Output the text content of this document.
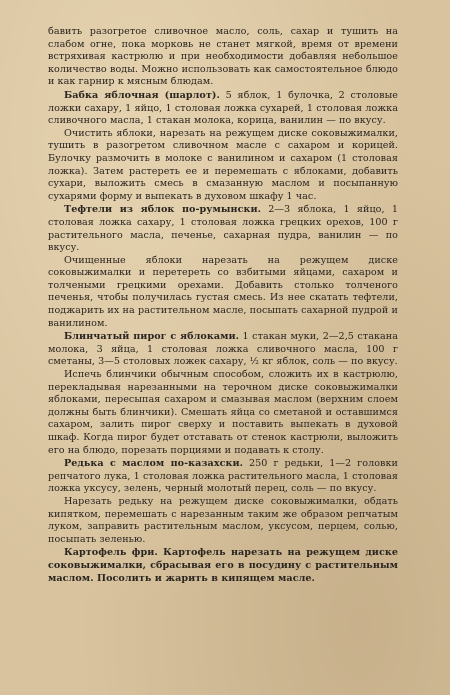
бавить разогретое сливочное масло, соль, сахар и тушить на слабом огне, пока морковь не станет мягкой, время от времени встряхивая кастрюлю и при необходимости добавляя небольшое количество воды. Можно использовать как самостоятельное блюдо и как гарнир к мясным блюдам.

Бабка яблочная (шарлот). 5 яблок, 1 булочка, 2 столовые ложки сахару, 1 яйцо, 1 столовая ложка сухарей, 1 столовая ложка сливочного масла, 1 стакан молока, корица, ванилин — по вкусу.

Очистить яблоки, нарезать на режущем диске соковыжималки, тушить в разогретом сливочном масле с сахаром и корицей. Булочку размочить в молоке с ванилином и сахаром (1 столовая ложка). Затем растереть ее и перемешать с яблоками, добавить сухари, выложить смесь в смазанную маслом и посыпанную сухарями форму и выпекать в духовом шкафу 1 час.

Тефтели из яблок по-румынски. 2—3 яблока, 1 яйцо, 1 столовая ложка сахару, 1 столовая ложка грецких орехов, 100 г растительного масла, печенье, сахарная пудра, ванилин — по вкусу.

Очищенные яблоки нарезать на режущем диске соковыжималки и перетереть со взбитыми яйцами, сахаром и толчеными грецкими орехами. Добавить столько толченого печенья, чтобы получилась густая смесь. Из нее скатать тефтели, поджарить их на растительном масле, посыпать сахарной пудрой и ванилином.

Блинчатый пирог с яблоками. 1 стакан муки, 2—2,5 стакана молока, 3 яйца, 1 столовая ложка сливочного масла, 100 г сметаны, 3—5 столовых ложек сахару, ½ кг яблок, соль — по вкусу.

Испечь блинчики обычным способом, сложить их в кастрюлю, перекладывая нарезанными на терочном диске соковыжималки яблоками, пересыпая сахаром и смазывая маслом (верхним слоем должны быть блинчики). Смешать яйца со сметаной и оставшимся сахаром, залить пирог сверху и поставить выпекать в духовой шкаф. Когда пирог будет отставать от стенок кастрюли, выложить его на блюдо, порезать порциями и подавать к столу.

Редька с маслом по-казахски. 250 г редьки, 1—2 головки репчатого лука, 1 столовая ложка растительного масла, 1 столовая ложка уксусу, зелень, черный молотый перец, соль — по вкусу.

Нарезать редьку на режущем диске соковыжималки, обдать кипятком, перемешать с нарезанным таким же образом репчатым луком, заправить растительным маслом, уксусом, перцем, солью, посыпать зеленью.

Картофель фри. Картофель нарезать на режущем диске соковыжималки, сбрасывая его в посудину с растительным маслом. Посолить и жарить в кипящем масле.
